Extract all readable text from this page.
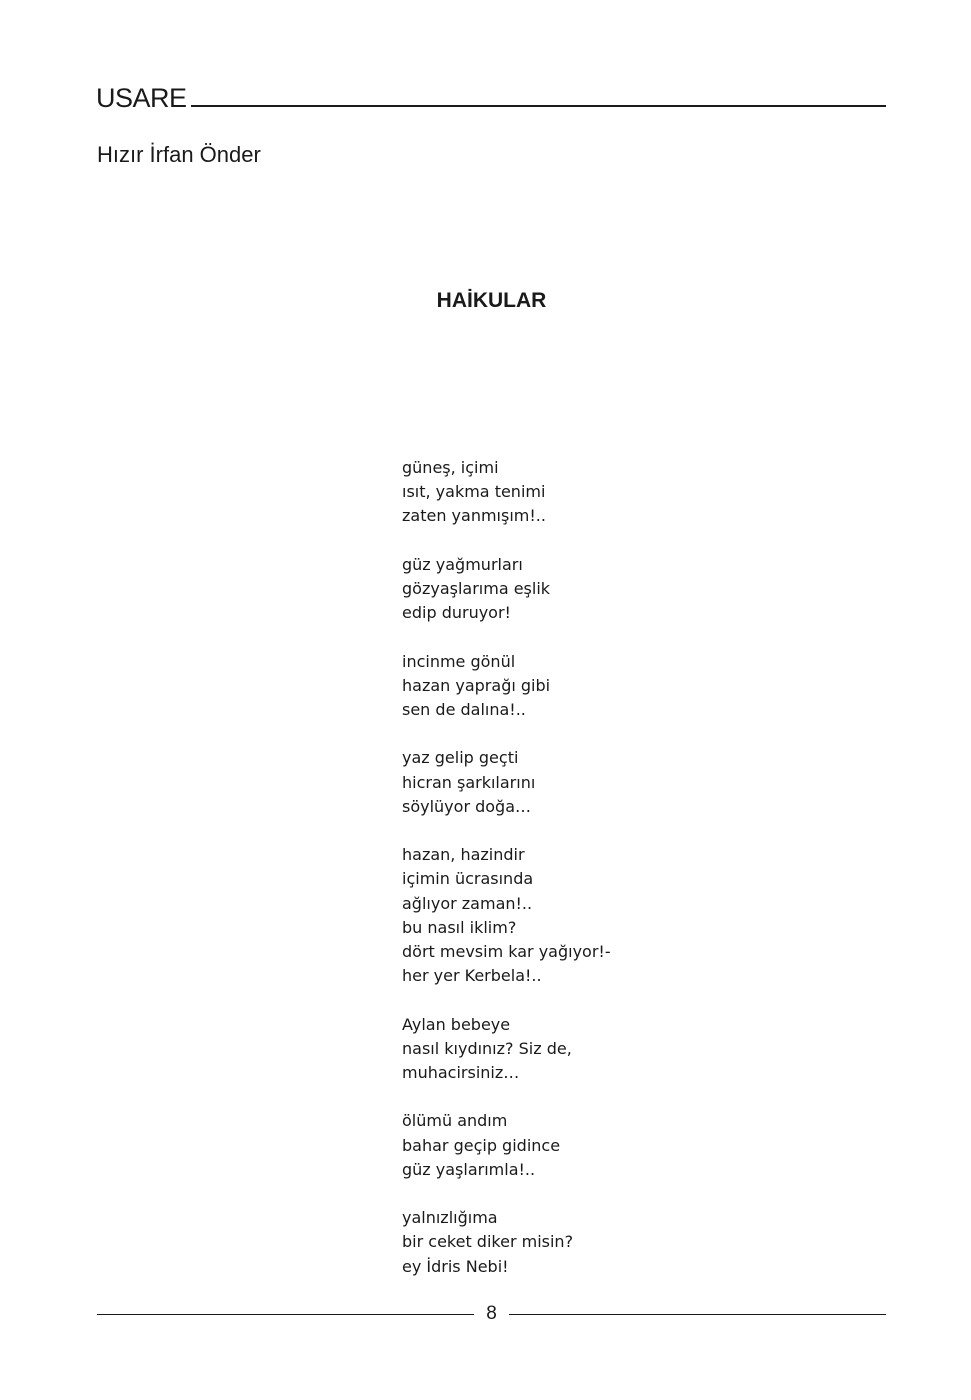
USARE
Hızır İrfan Önder
HAİKULAR
güneş, içimi
ısıt, yakma tenimi
zaten yanmışım!..
güz yağmurları
gözyaşlarıma eşlik
edip duruyor!
incinme gönül
hazan yaprağı gibi
sen de dalına!..
yaz gelip geçti
hicran şarkılarını
söylüyor doğa…
hazan, hazindir
içimin ücrasında
ağlıyor zaman!..
bu nasıl iklim?
dört mevsim kar yağıyor!-
her yer Kerbela!..
Aylan bebeye
nasıl kıydınız? Siz de,
muhacirsiniz…
ölümü andım
bahar geçip gidince
güz yaşlarımla!..
yalnızlığıma
bir ceket diker misin?
ey İdris Nebi!
8
